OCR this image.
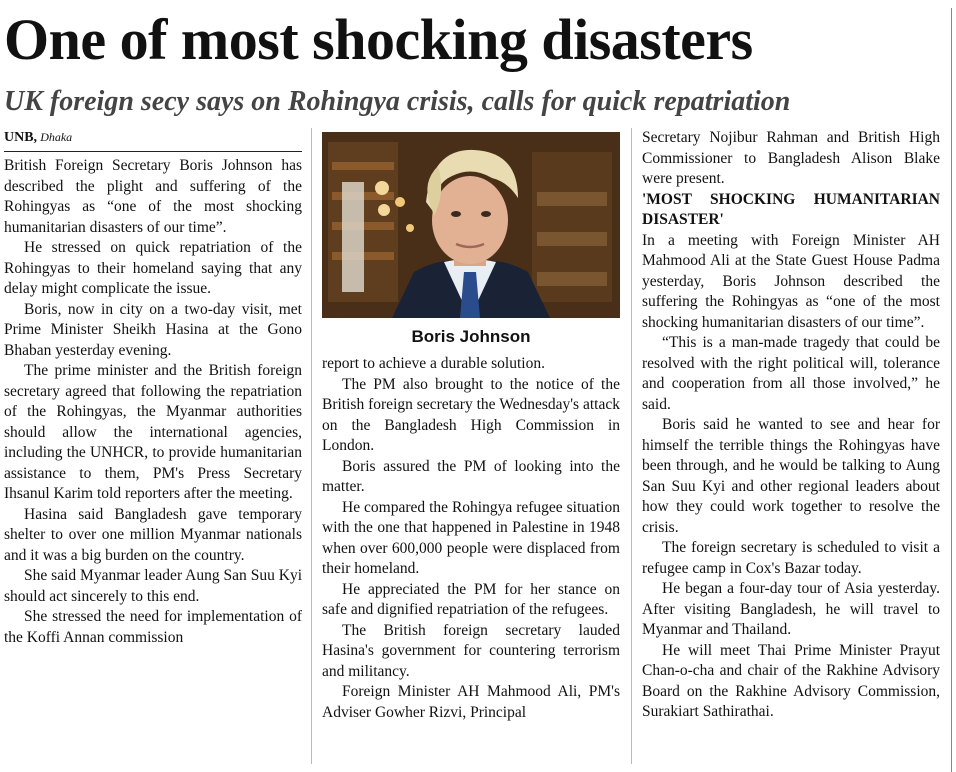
One of most shocking disasters
UK foreign secy says on Rohingya crisis, calls for quick repatriation

UNB, Dhaka

British Foreign Secretary Boris Johnson has described the plight and suffering of the Rohingyas as “one of the most shocking humanitarian disasters of our time”.

He stressed on quick repatriation of the Rohingyas to their homeland saying that any delay might complicate the issue.

Boris, now in city on a two-day visit, met Prime Minister Sheikh Hasina at the Gono Bhaban yesterday evening.

The prime minister and the British foreign secretary agreed that following the repatriation of the Rohingyas, the Myanmar authorities should allow the international agencies, including the UNHCR, to provide humanitarian assistance to them, PM's Press Secretary Ihsanul Karim told reporters after the meeting.

Hasina said Bangladesh gave temporary shelter to over one million Myanmar nationals and it was a big burden on the country.

She said Myanmar leader Aung San Suu Kyi should act sincerely to this end.

She stressed the need for implementation of the Koffi Annan commission

Boris Johnson

report to achieve a durable solution.

The PM also brought to the notice of the British foreign secretary the Wednesday's attack on the Bangladesh High Commission in London.

Boris assured the PM of looking into the matter.

He compared the Rohingya refugee situation with the one that happened in Palestine in 1948 when over 600,000 people were displaced from their homeland.

He appreciated the PM for her stance on safe and dignified repatriation of the refugees.

The British foreign secretary lauded Hasina's government for countering terrorism and militancy.

Foreign Minister AH Mahmood Ali, PM's Adviser Gowher Rizvi, Principal

Secretary Nojibur Rahman and British High Commissioner to Bangladesh Alison Blake were present.

'MOST SHOCKING HUMANITARIAN DISASTER'

In a meeting with Foreign Minister AH Mahmood Ali at the State Guest House Padma yesterday, Boris Johnson described the suffering the Rohingyas as “one of the most shocking humanitarian disasters of our time”.

“This is a man-made tragedy that could be resolved with the right political will, tolerance and cooperation from all those involved,” he said.

Boris said he wanted to see and hear for himself the terrible things the Rohingyas have been through, and he would be talking to Aung San Suu Kyi and other regional leaders about how they could work together to resolve the crisis.

The foreign secretary is scheduled to visit a refugee camp in Cox's Bazar today.

He began a four-day tour of Asia yesterday. After visiting Bangladesh, he will travel to Myanmar and Thailand.

He will meet Thai Prime Minister Prayut Chan-o-cha and chair of the Rakhine Advisory Board on the Rakhine Advisory Commission, Surakiart Sathirathai.
